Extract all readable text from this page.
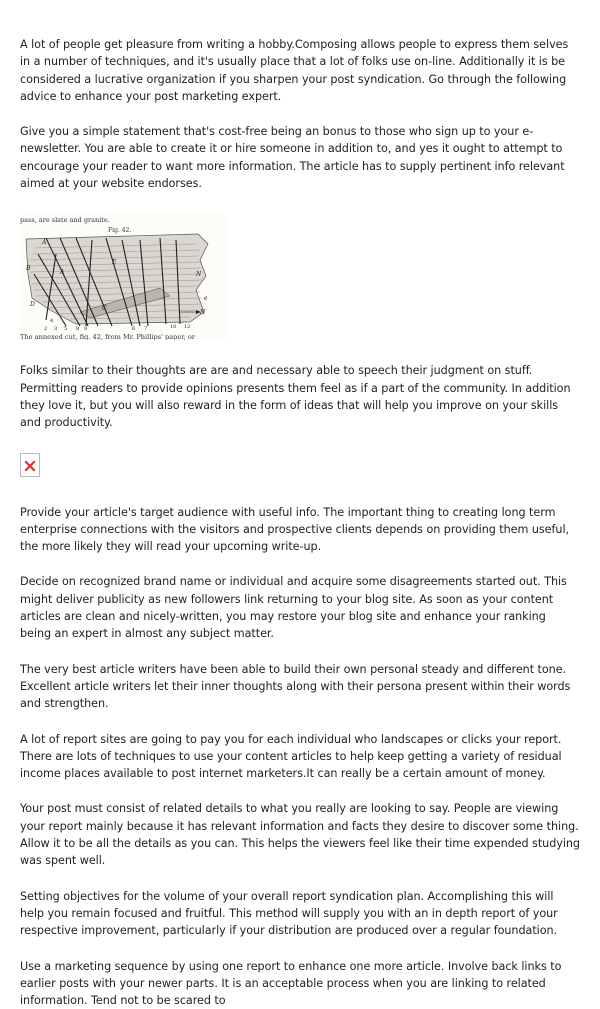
A lot of people get pleasure from writing a hobby.Composing allows people to express them selves in a number of techniques, and it's usually place that a lot of folks use on-line. Additionally it is be considered a lucrative organization if you sharpen your post syndication. Go through the following advice to enhance your post marketing expert.

Give you a simple statement that's cost-free being an bonus to those who sign up to your e-newsletter. You are able to create it or hire someone in addition to, and yes it ought to attempt to encourage your reader to want more information. The article has to supply pertinent info relevant aimed at your website endorses.

pass, are slate and granite.
Fig. 42.
A
B
N
D
E
N
C
A
e
2 3 5
4
8 9	6 7	10 12
The annexed cut, fig. 42, from Mr. Phillips' paper, or

Folks similar to their thoughts are are and necessary able to speech their judgment on stuff. Permitting readers to provide opinions presents them feel as if a part of the community. In addition they love it, but you will also reward in the form of ideas that will help you improve on your skills and productivity.

Provide your article's target audience with useful info. The important thing to creating long term enterprise connections with the visitors and prospective clients depends on providing them useful, the more likely they will read your upcoming write-up.

Decide on recognized brand name or individual and acquire some disagreements started out. This might deliver publicity as new followers link returning to your blog site. As soon as your content articles are clean and nicely-written, you may restore your blog site and enhance your ranking being an expert in almost any subject matter.

The very best article writers have been able to build their own personal steady and different tone. Excellent article writers let their inner thoughts along with their persona present within their words and strengthen.

A lot of report sites are going to pay you for each individual who landscapes or clicks your report. There are lots of techniques to use your content articles to help keep getting a variety of residual income places available to post internet marketers.It can really be a certain amount of money.

Your post must consist of related details to what you really are looking to say. People are viewing your report mainly because it has relevant information and facts they desire to discover some thing. Allow it to be all the details as you can. This helps the viewers feel like their time expended studying was spent well.

Setting objectives for the volume of your overall report syndication plan. Accomplishing this will help you remain focused and fruitful. This method will supply you with an in depth report of your respective improvement, particularly if your distribution are produced over a regular foundation.

Use a marketing sequence by using one report to enhance one more article. Involve back links to earlier posts with your newer parts. It is an acceptable process when you are linking to related information. Tend not to be scared to
